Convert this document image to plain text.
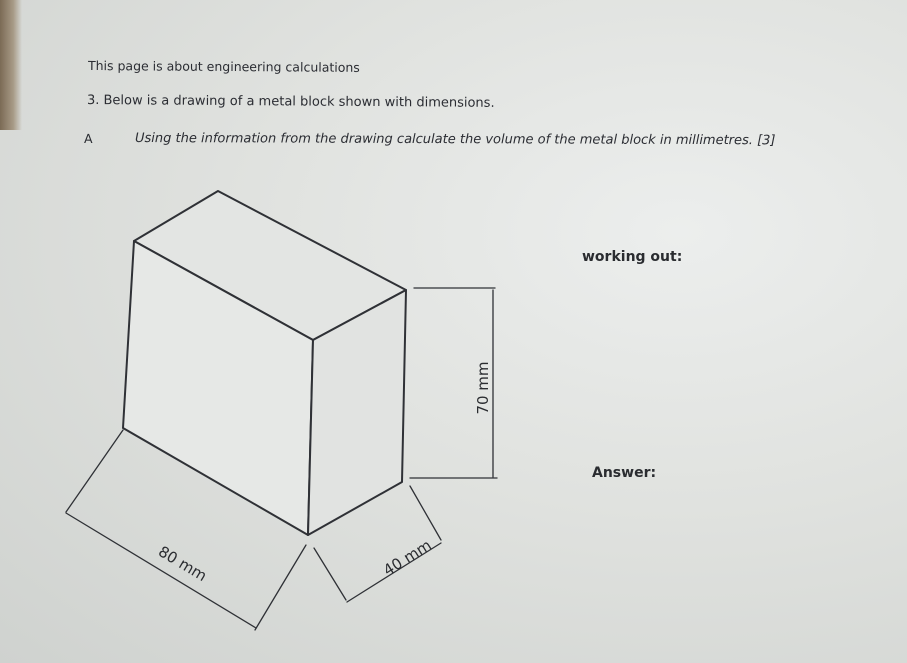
This page is about engineering calculations
3. Below is a drawing of a metal block shown with dimensions.
A	Using the information from the drawing calculate the volume of the metal block in millimetres. [3]
70 mm
80 mm	40 mm
working out:
Answer:
